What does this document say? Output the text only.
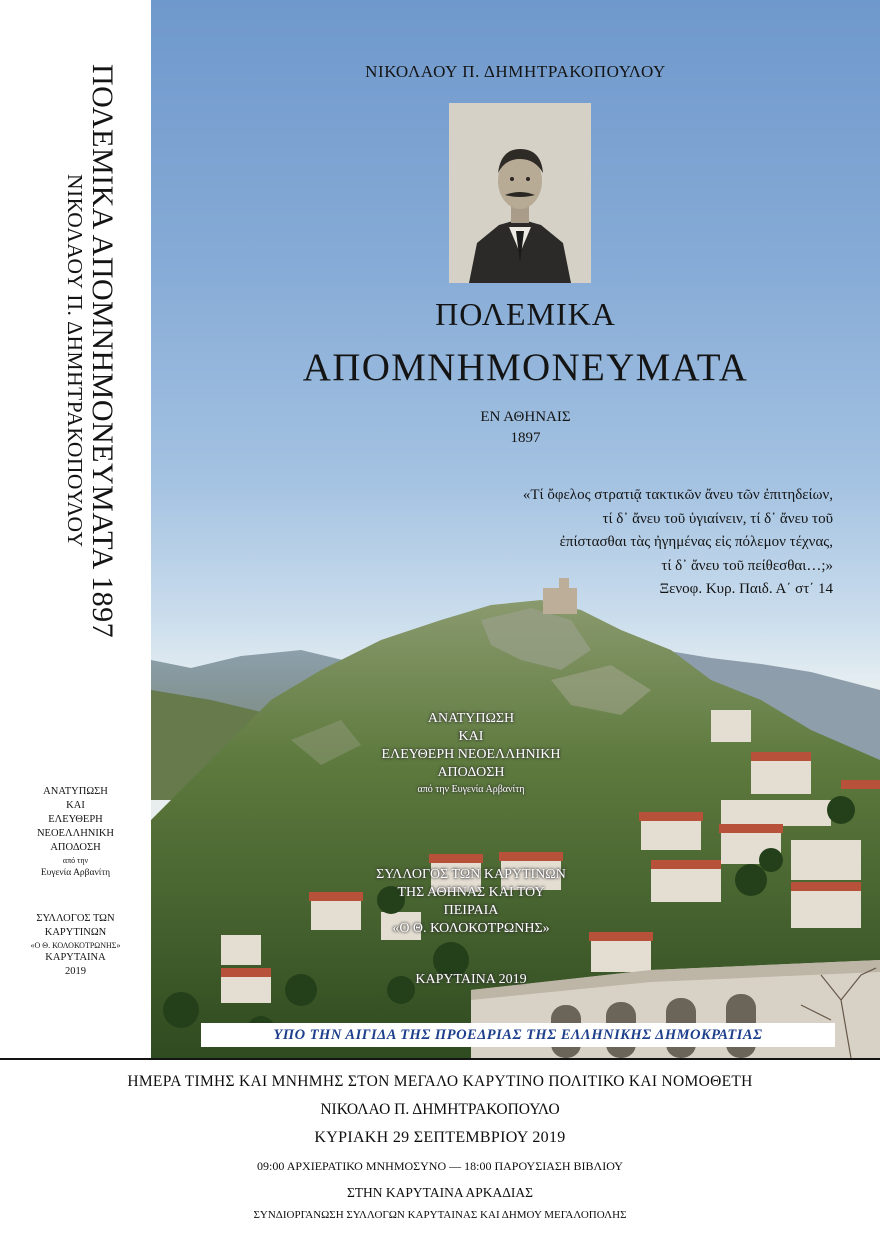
ΠΟΛΕΜΙΚΑ ΑΠΟΜΝΗΜΟΝΕΥΜΑΤΑ 1897
ΝΙΚΟΛΑΟΥ Π. ΔΗΜΗΤΡΑΚΟΠΟΥΛΟΥ
ΑΝΑΤΥΠΩΣΗ
ΚΑΙ
ΕΛΕΥΘΕΡΗ
ΝΕΟΕΛΛΗΝΙΚΗ
ΑΠΟΔΟΣΗ
από την
Ευγενία Αρβανίτη
ΣΥΛΛΟΓΟΣ ΤΩΝ
ΚΑΡΥΤΙΝΩΝ
«Ο Θ. ΚΟΛΟΚΟΤΡΩΝΗΣ»
ΚΑΡΥΤΑΙΝΑ
2019
ΝΙΚΟΛΑΟΥ Π. ΔΗΜΗΤΡΑΚΟΠΟΥΛΟΥ
ΠΟΛΕΜΙΚΑ
ΑΠΟΜΝΗΜΟΝΕΥΜΑΤΑ
ΕΝ ΑΘΗΝΑΙΣ
1897
«Τί ὄφελος στρατιᾷ τακτικῶν ἄνευ τῶν ἐπιτηδείων,
τί δ᾽ ἄνευ τοῦ ὑγιαίνειν, τί δ᾽ ἄνευ τοῦ
ἐπίστασθαι τὰς ἠγημένας εἰς πόλεμον τέχνας,
τί δ᾽ ἄνευ τοῦ πείθεσθαι…;»
Ξενοφ. Κυρ. Παιδ. Α΄ στ΄ 14
ΑΝΑΤΥΠΩΣΗ
ΚΑΙ
ΕΛΕΥΘΕΡΗ ΝΕΟΕΛΛΗΝΙΚΗ
ΑΠΟΔΟΣΗ
από την Ευγενία Αρβανίτη
ΣΥΛΛΟΓΟΣ ΤΩΝ ΚΑΡΥΤΙΝΩΝ
ΤΗΣ ΑΘΗΝΑΣ ΚΑΙ ΤΟΥ
ΠΕΙΡΑΙΑ
«Ο Θ. ΚΟΛΟΚΟΤΡΩΝΗΣ»
ΚΑΡΥΤΑΙΝΑ 2019
ΥΠΟ ΤΗΝ ΑΙΓΙΔΑ ΤΗΣ ΠΡΟΕΔΡΙΑΣ ΤΗΣ ΕΛΛΗΝΙΚΗΣ ΔΗΜΟΚΡΑΤΙΑΣ
ΗΜΕΡΑ ΤΙΜΗΣ ΚΑΙ ΜΝΗΜΗΣ ΣΤΟΝ ΜΕΓΑΛΟ ΚΑΡΥΤΙΝΟ ΠΟΛΙΤΙΚΟ ΚΑΙ ΝΟΜΟΘΕΤΗ
ΝΙΚΟΛΑΟ Π. ΔΗΜΗΤΡΑΚΟΠΟΥΛΟ
ΚΥΡΙΑΚΗ 29 ΣΕΠΤΕΜΒΡΙΟΥ 2019
09:00 ΑΡΧΙΕΡΑΤΙΚΟ ΜΝΗΜΟΣΥΝΟ — 18:00 ΠΑΡΟΥΣΙΑΣΗ ΒΙΒΛΙΟΥ
ΣΤΗΝ ΚΑΡΥΤΑΙΝΑ ΑΡΚΑΔΙΑΣ
ΣΥΝΔΙΟΡΓΑΝΩΣΗ ΣΥΛΛΟΓΩΝ ΚΑΡΥΤΑΙΝΑΣ ΚΑΙ ΔΗΜΟΥ ΜΕΓΑΛΟΠΟΛΗΣ
